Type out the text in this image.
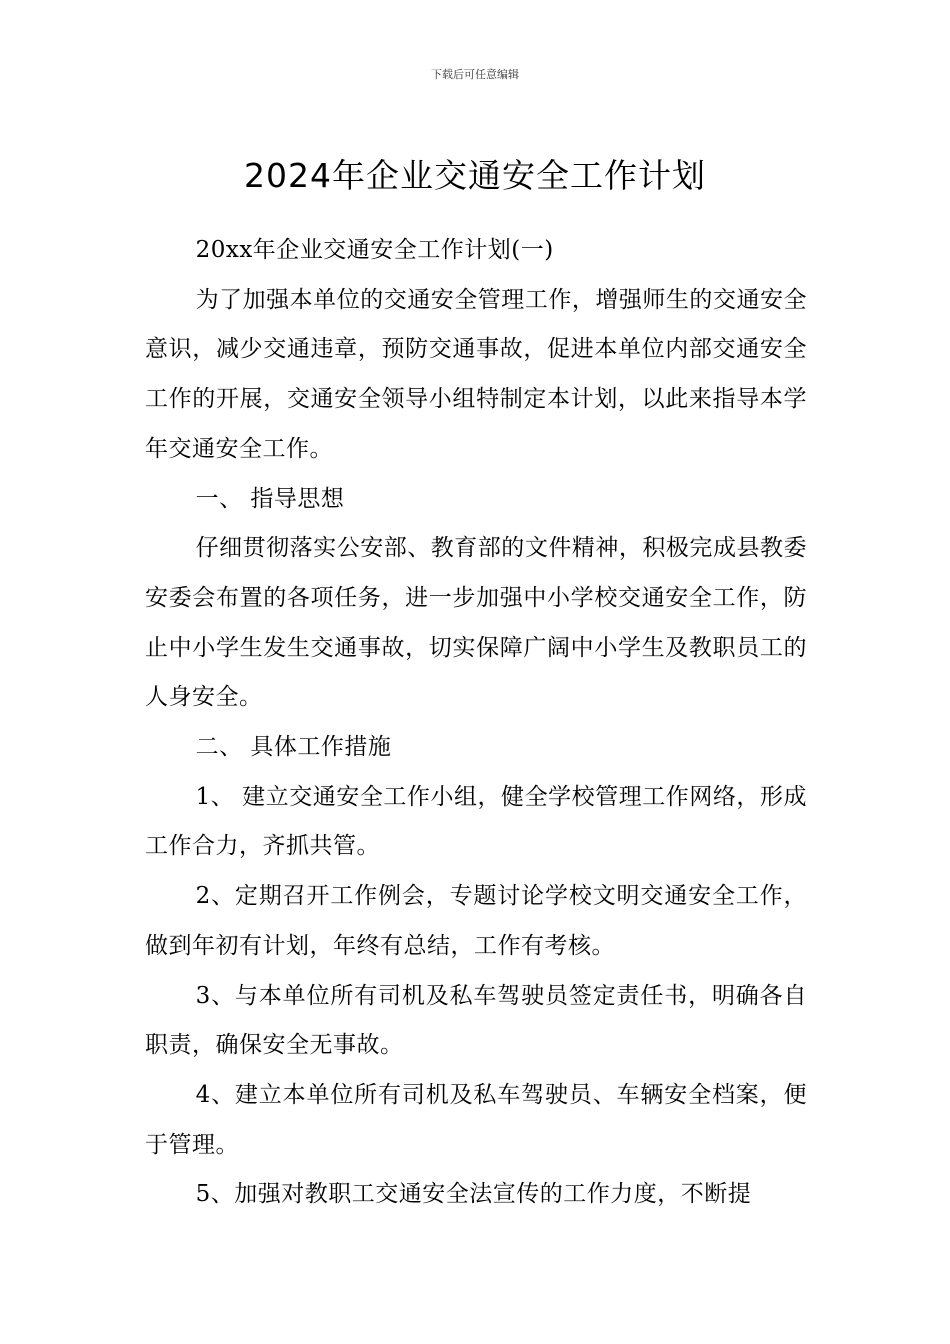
下载后可任意编辑
2024年企业交通安全工作计划

20xx年企业交通安全工作计划(一)

为了加强本单位的交通安全管理工作，增强师生的交通安全意识，减少交通违章，预防交通事故，促进本单位内部交通安全工作的开展，交通安全领导小组特制定本计划，以此来指导本学年交通安全工作。

一、 指导思想

仔细贯彻落实公安部、教育部的文件精神，积极完成县教委安委会布置的各项任务，进一步加强中小学校交通安全工作，防止中小学生发生交通事故，切实保障广阔中小学生及教职员工的人身安全。

二、 具体工作措施

1、 建立交通安全工作小组，健全学校管理工作网络，形成工作合力，齐抓共管。

2、定期召开工作例会，专题讨论学校文明交通安全工作，做到年初有计划，年终有总结，工作有考核。

3、与本单位所有司机及私车驾驶员签定责任书，明确各自职责，确保安全无事故。

4、建立本单位所有司机及私车驾驶员、车辆安全档案，便于管理。

5、加强对教职工交通安全法宣传的工作力度，不断提
